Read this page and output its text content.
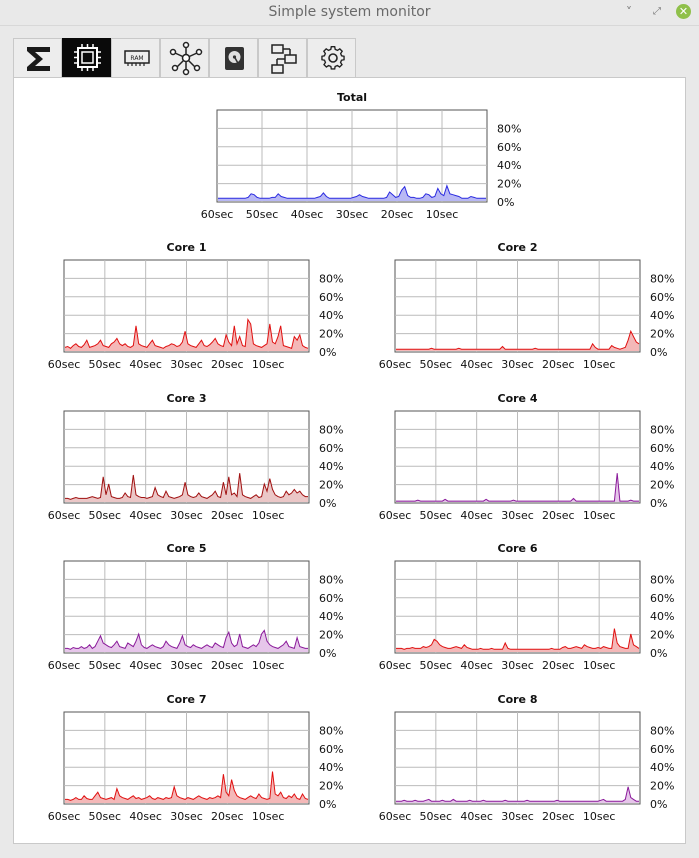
Simple system monitor	˅	⤢	✕
RAM
Total
80%
60%
40%
20%
0%
60sec 50sec 40sec 30sec 20sec 10sec
Core 1
80%
60%
40%
20%
0%
60sec 50sec 40sec 30sec 20sec 10sec
Core 2
80%
60%
40%
20%
0%
60sec 50sec 40sec 30sec 20sec 10sec
Core 3
80%
60%
40%
20%
0%
60sec 50sec 40sec 30sec 20sec 10sec
Core 4
80%
60%
40%
20%
0%
60sec 50sec 40sec 30sec 20sec 10sec
Core 5
80%
60%
40%
20%
0%
60sec 50sec 40sec 30sec 20sec 10sec
Core 6
80%
60%
40%
20%
0%
60sec 50sec 40sec 30sec 20sec 10sec
Core 7
80%
60%
40%
20%
0%
60sec 50sec 40sec 30sec 20sec 10sec
Core 8
80%
60%
40%
20%
0%
60sec 50sec 40sec 30sec 20sec 10sec
